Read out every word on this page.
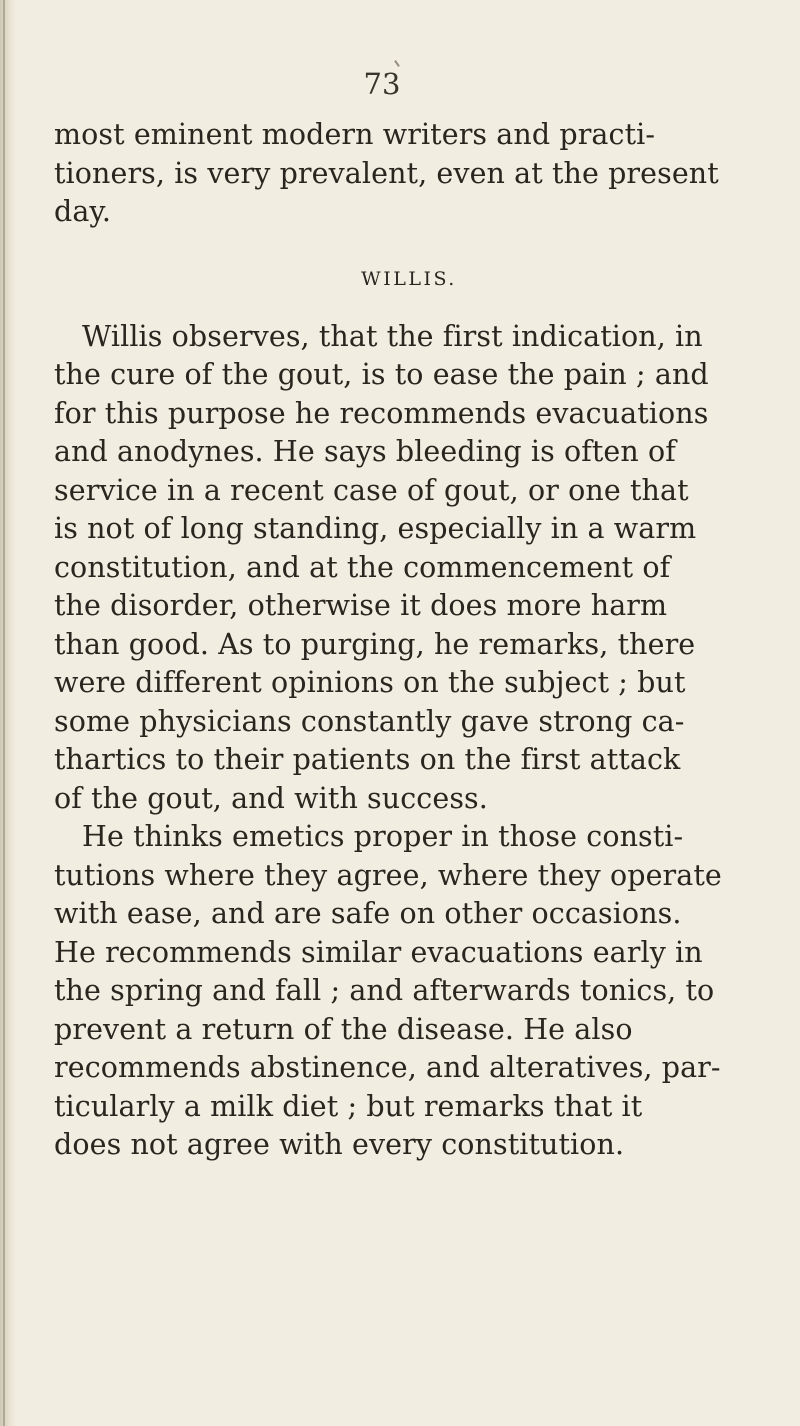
73
most eminent modern writers and practi-
tioners, is very prevalent, even at the present
day.
WILLIS.
Willis observes, that the first indication, in
the cure of the gout, is to ease the pain ; and
for this purpose he recommends evacuations
and anodynes. He says bleeding is often of
service in a recent case of gout, or one that
is not of long standing, especially in a warm
constitution, and at the commencement of
the disorder, otherwise it does more harm
than good. As to purging, he remarks, there
were different opinions on the subject ; but
some physicians constantly gave strong ca-
thartics to their patients on the first attack
of the gout, and with success.
He thinks emetics proper in those consti-
tutions where they agree, where they operate
with ease, and are safe on other occasions.
He recommends similar evacuations early in
the spring and fall ; and afterwards tonics, to
prevent a return of the disease. He also
recommends abstinence, and alteratives, par-
ticularly a milk diet ; but remarks that it
does not agree with every constitution.
